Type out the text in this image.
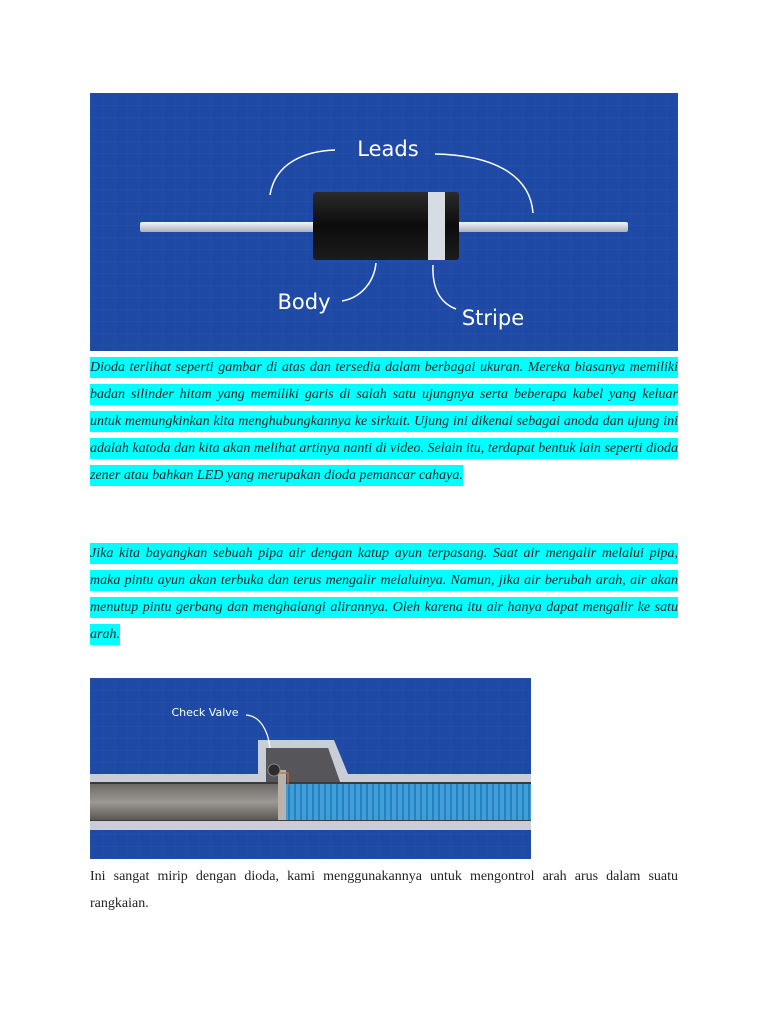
Leads
Body
Stripe

Dioda terlihat seperti gambar di atas dan tersedia dalam berbagai ukuran. Mereka biasanya memiliki badan silinder hitam yang memiliki garis di salah satu ujungnya serta beberapa kabel yang keluar untuk memungkinkan kita menghubungkannya ke sirkuit. Ujung ini dikenal sebagai anoda dan ujung ini adalah katoda dan kita akan melihat artinya nanti di video. Selain itu, terdapat bentuk lain seperti dioda zener atau bahkan LED yang merupakan dioda pemancar cahaya.

Jika kita bayangkan sebuah pipa air dengan katup ayun terpasang. Saat air mengalir melalui pipa, maka pintu ayun akan terbuka dan terus mengalir melaluinya. Namun, jika air berubah arah, air akan menutup pintu gerbang dan menghalangi alirannya. Oleh karena itu air hanya dapat mengalir ke satu arah.

Check Valve

Ini sangat mirip dengan dioda, kami menggunakannya untuk mengontrol arah arus dalam suatu rangkaian.
